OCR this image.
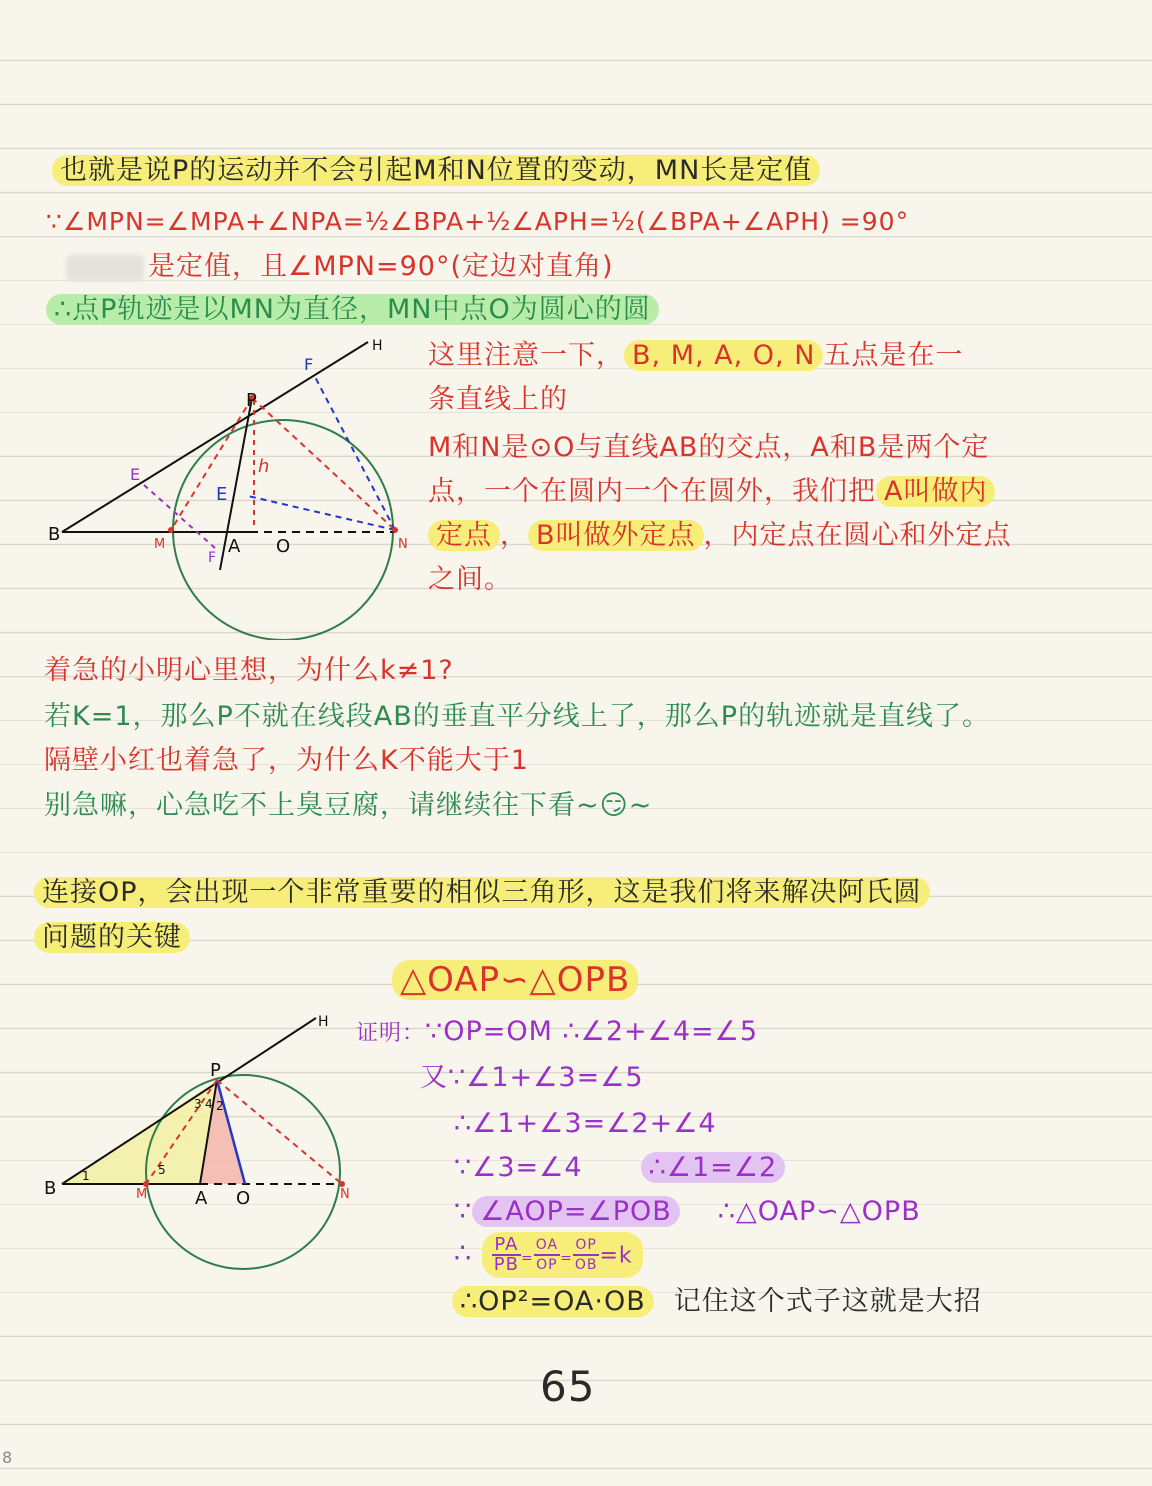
也就是说P的运动并不会引起M和N位置的变动，MN长是定值
∵∠MPN=∠MPA+∠NPA=½∠BPA+½∠APH=½(∠BPA+∠APH) =90°
是定值，且∠MPN=90°(定边对直角)
∴点P轨迹是以MN为直径，MN中点O为圆心的圆
B	M	A O	N
P
H
E
E
F
F
h
这里注意一下， B, M, A, O, N 五点是在一
条直线上的
M和N是⊙O与直线AB的交点，A和B是两个定
点，一个在圆内一个在圆外，我们把 A叫做内
定点 ， B叫做外定点 ，内定点在圆心和外定点
之间。
着急的小明心里想，为什么k≠1?
若K=1，那么P不就在线段AB的垂直平分线上了，那么P的轨迹就是直线了。
隔壁小红也着急了，为什么K不能大于1
别急嘛，心急吃不上臭豆腐，请继续往下看~😏~
连接OP，会出现一个非常重要的相似三角形，这是我们将来解决阿氏圆
问题的关键
△OAP∽△OPB
B	M	A O	N
P
H
1
2
3 4
5
证明：∵OP=OM ∴∠2+∠4=∠5
又∵∠1+∠3=∠5
∴∠1+∠3=∠2+∠4
∵∠3=∠4 ∴∠1=∠2
∵ ∠AOP=∠POB ∴△OAP∽△OPB
∴ $\frac{PA}{PB} = \frac{OA}{OP} = \frac{OP}{OB} =k$
∴OP²=OA·OB 记住这个式子这就是大招
65
8
